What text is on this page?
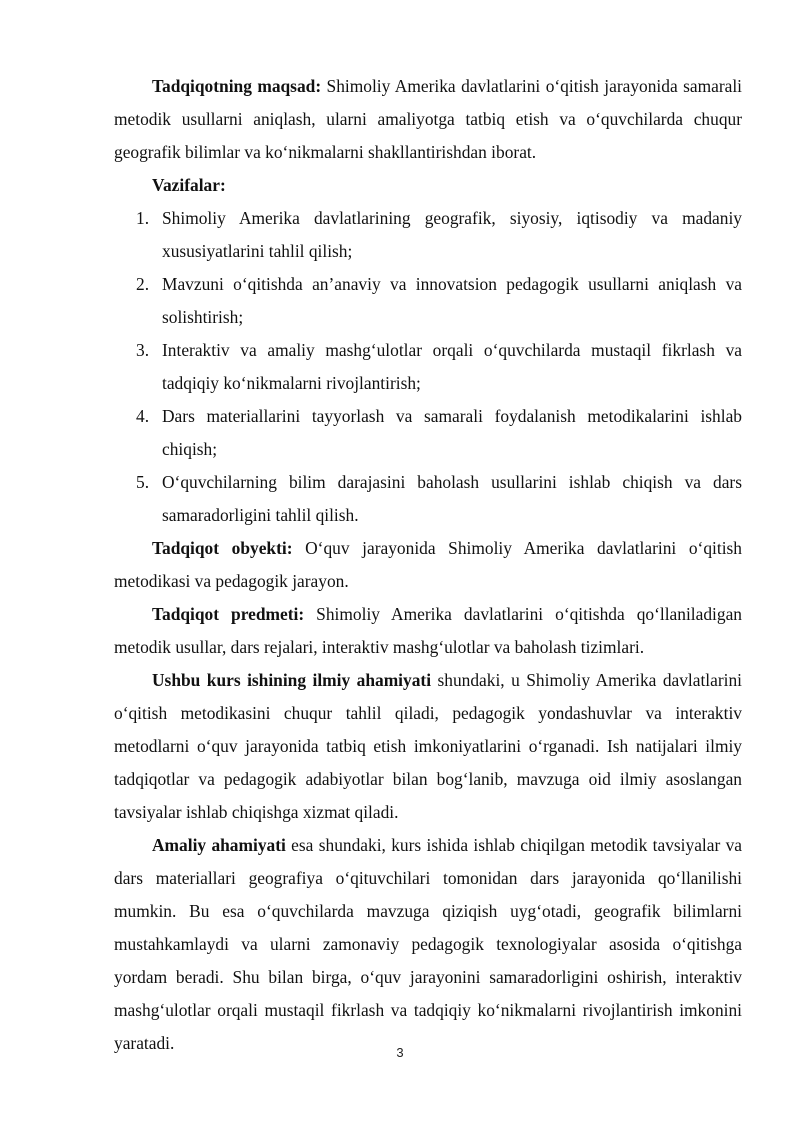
Tadqiqotning maqsad: Shimoliy Amerika davlatlarini o‘qitish jarayonida samarali metodik usullarni aniqlash, ularni amaliyotga tatbiq etish va o‘quvchilarda chuqur geografik bilimlar va ko‘nikmalarni shakllantirishdan iborat.

Vazifalar:

1. Shimoliy Amerika davlatlarining geografik, siyosiy, iqtisodiy va madaniy xususiyatlarini tahlil qilish;
2. Mavzuni o‘qitishda an’anaviy va innovatsion pedagogik usullarni aniqlash va solishtirish;
3. Interaktiv va amaliy mashg‘ulotlar orqali o‘quvchilarda mustaqil fikrlash va tadqiqiy ko‘nikmalarni rivojlantirish;
4. Dars materiallarini tayyorlash va samarali foydalanish metodikalarini ishlab chiqish;
5. O‘quvchilarning bilim darajasini baholash usullarini ishlab chiqish va dars samaradorligini tahlil qilish.

Tadqiqot obyekti: O‘quv jarayonida Shimoliy Amerika davlatlarini o‘qitish metodikasi va pedagogik jarayon.

Tadqiqot predmeti: Shimoliy Amerika davlatlarini o‘qitishda qo‘llaniladigan metodik usullar, dars rejalari, interaktiv mashg‘ulotlar va baholash tizimlari.

Ushbu kurs ishining ilmiy ahamiyati shundaki, u Shimoliy Amerika davlatlarini o‘qitish metodikasini chuqur tahlil qiladi, pedagogik yondashuvlar va interaktiv metodlarni o‘quv jarayonida tatbiq etish imkoniyatlarini o‘rganadi. Ish natijalari ilmiy tadqiqotlar va pedagogik adabiyotlar bilan bog‘lanib, mavzuga oid ilmiy asoslangan tavsiyalar ishlab chiqishga xizmat qiladi.

Amaliy ahamiyati esa shundaki, kurs ishida ishlab chiqilgan metodik tavsiyalar va dars materiallari geografiya o‘qituvchilari tomonidan dars jarayonida qo‘llanilishi mumkin. Bu esa o‘quvchilarda mavzuga qiziqish uyg‘otadi, geografik bilimlarni mustahkamlaydi va ularni zamonaviy pedagogik texnologiyalar asosida o‘qitishga yordam beradi. Shu bilan birga, o‘quv jarayonini samaradorligini oshirish, interaktiv mashg‘ulotlar orqali mustaqil fikrlash va tadqiqiy ko‘nikmalarni rivojlantirish imkonini yaratadi.	3
